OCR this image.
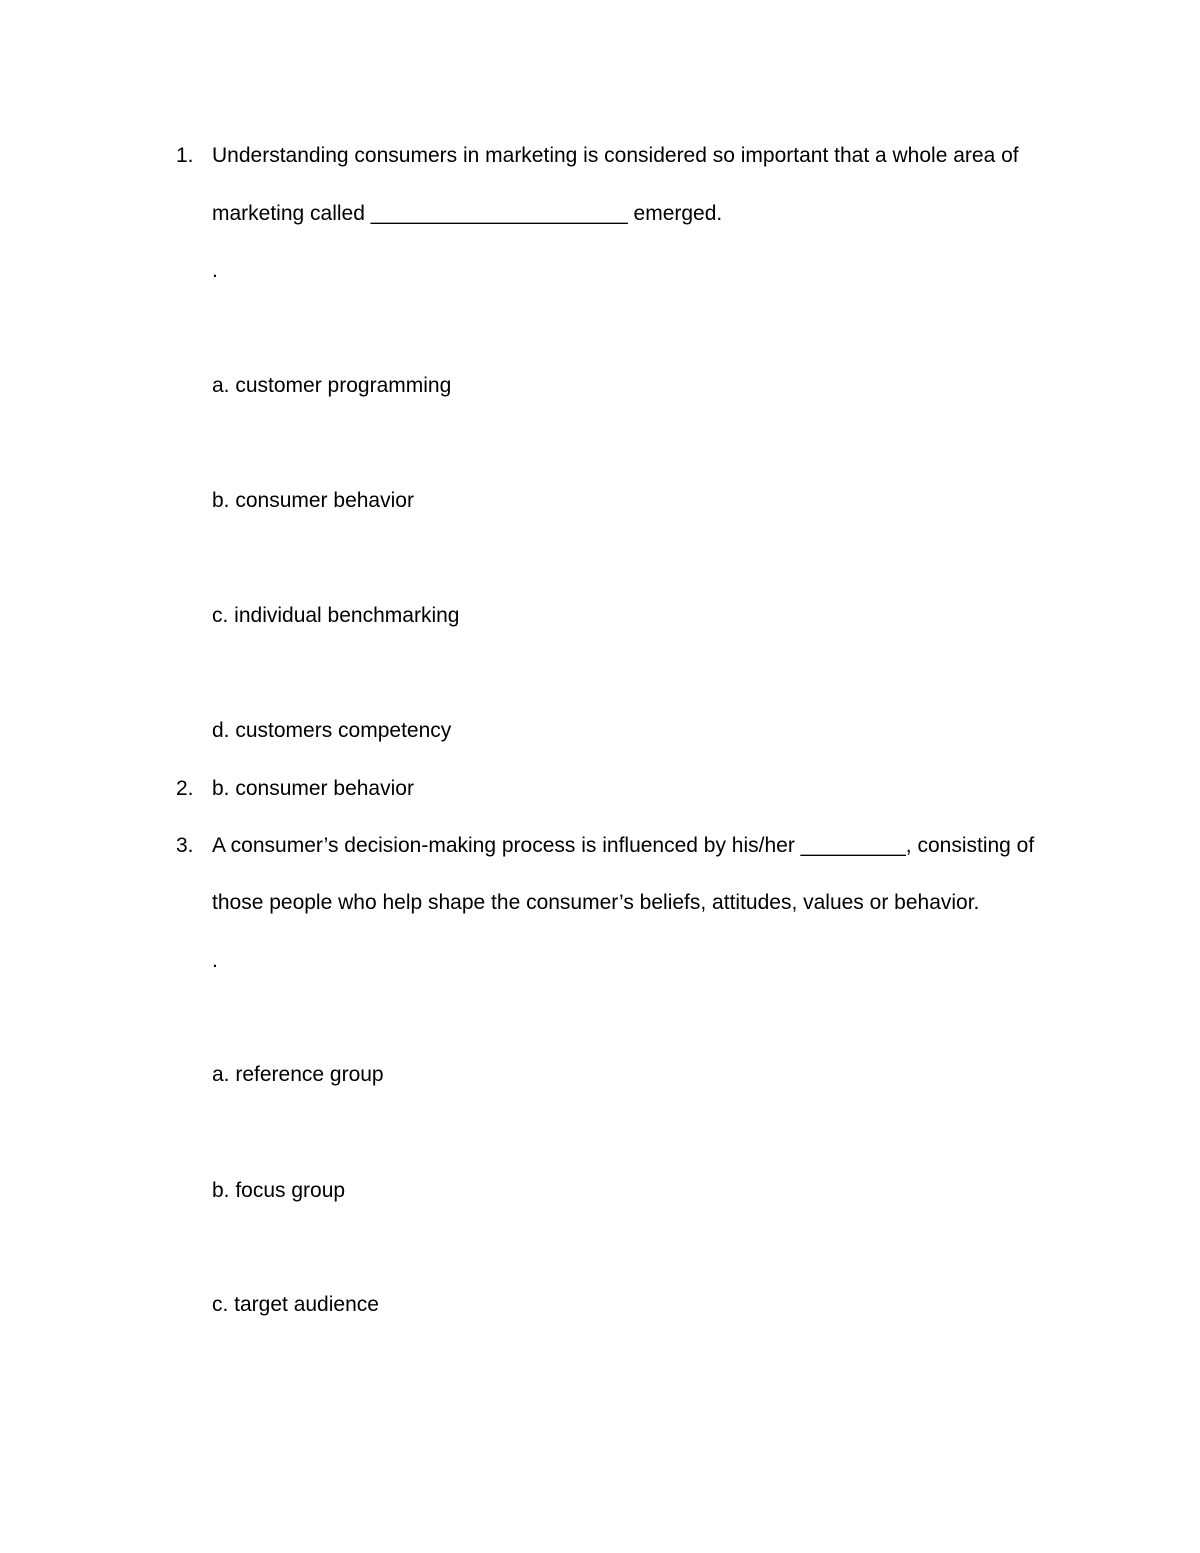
1. Understanding consumers in marketing is considered so important that a whole area of
marketing called ______________________ emerged.
.
a. customer programming
b. consumer behavior
c. individual benchmarking
d. customers competency
2. b. consumer behavior
3. A consumer’s decision-making process is influenced by his/her _________, consisting of
those people who help shape the consumer’s beliefs, attitudes, values or behavior.
.
a. reference group
b. focus group
c. target audience
